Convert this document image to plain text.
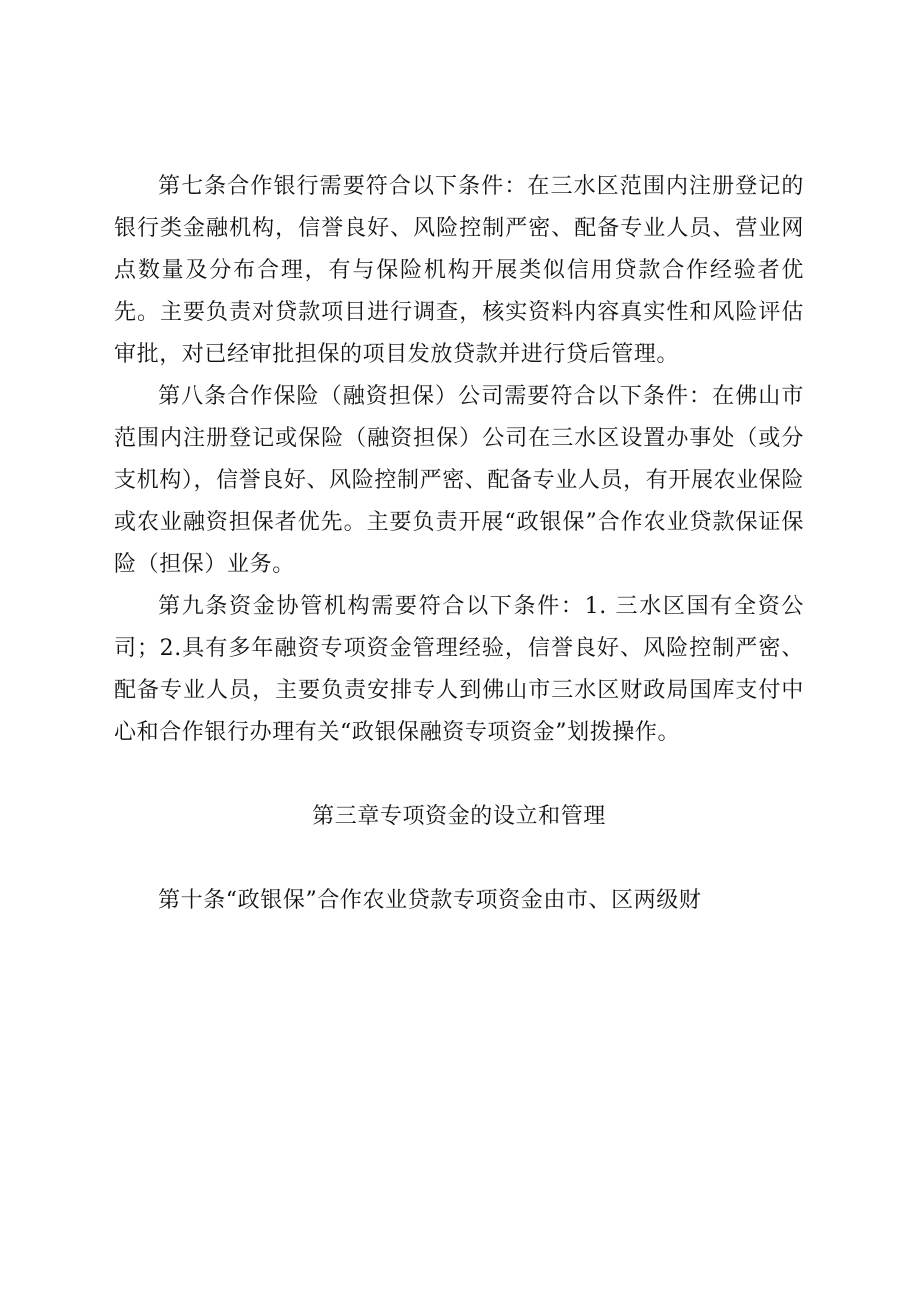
第七条合作银行需要符合以下条件：在三水区范围内注册登记的银行类金融机构，信誉良好、风险控制严密、配备专业人员、营业网点数量及分布合理，有与保险机构开展类似信用贷款合作经验者优先。主要负责对贷款项目进行调查，核实资料内容真实性和风险评估审批，对已经审批担保的项目发放贷款并进行贷后管理。

第八条合作保险（融资担保）公司需要符合以下条件：在佛山市范围内注册登记或保险（融资担保）公司在三水区设置办事处（或分支机构），信誉良好、风险控制严密、配备专业人员，有开展农业保险或农业融资担保者优先。主要负责开展“政银保”合作农业贷款保证保险（担保）业务。

第九条资金协管机构需要符合以下条件：1. 三水区国有全资公司；2.具有多年融资专项资金管理经验，信誉良好、风险控制严密、配备专业人员，主要负责安排专人到佛山市三水区财政局国库支付中心和合作银行办理有关“政银保融资专项资金”划拨操作。

第三章专项资金的设立和管理

第十条“政银保”合作农业贷款专项资金由市、区两级财
